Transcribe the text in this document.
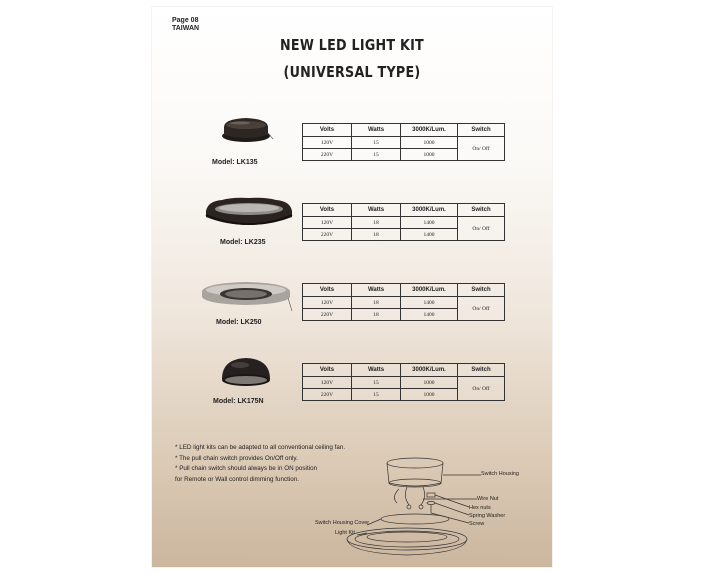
Page 08
TAIWAN
NEW LED LIGHT KIT
(UNIVERSAL TYPE)
Model: LK135
Volts	Watts	3000K/Lum.	Switch
120V	15	1000	On/ Off
220V	15	1000	
Model: LK235
Volts	Watts	3000K/Lum.	Switch
120V	18	1400	On/ Off
220V	18	1400	
Model: LK250
Volts	Watts	3000K/Lum.	Switch
120V	18	1400	On/ Off
220V	18	1400	
Model: LK175N
Volts	Watts	3000K/Lum.	Switch
120V	15	1000	On/ Off
220V	15	1000	
* LED light kits can be adapted to all conventional ceiling fan.
* The pull chain switch provides On/Off only.
* Pull chain switch should always be in ON position
for Remote or Wall control dimming function.
Switch Housing
Wire Nut
Hex nuts
Spring Washer
Screw
Switch Housing Cover
Light Kit
